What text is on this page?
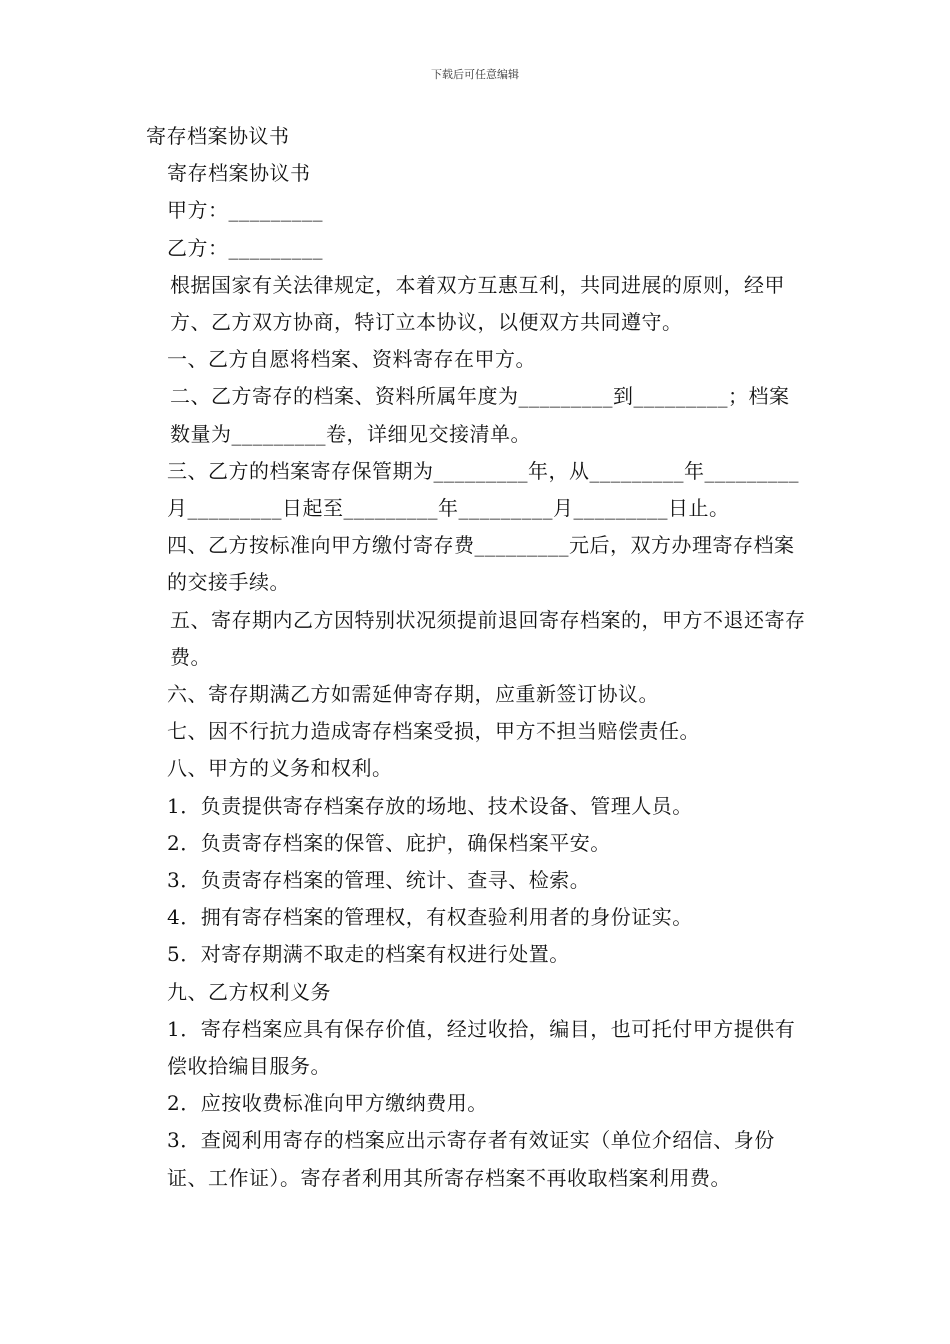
下载后可任意编辑

寄存档案协议书

寄存档案协议书

甲方：_________

乙方：_________

根据国家有关法律规定，本着双方互惠互利，共同进展的原则，经甲方、乙方双方协商，特订立本协议，以便双方共同遵守。

一、乙方自愿将档案、资料寄存在甲方。

二、乙方寄存的档案、资料所属年度为_________到_________；档案数量为_________卷，详细见交接清单。

三、乙方的档案寄存保管期为_________年，从_________年_________月_________日起至_________年_________月_________日止。

四、乙方按标准向甲方缴付寄存费_________元后，双方办理寄存档案的交接手续。

五、寄存期内乙方因特别状况须提前退回寄存档案的，甲方不退还寄存费。

六、寄存期满乙方如需延伸寄存期，应重新签订协议。

七、因不行抗力造成寄存档案受损，甲方不担当赔偿责任。

八、甲方的义务和权利。

1．负责提供寄存档案存放的场地、技术设备、管理人员。

2．负责寄存档案的保管、庇护，确保档案平安。

3．负责寄存档案的管理、统计、查寻、检索。

4．拥有寄存档案的管理权，有权查验利用者的身份证实。

5．对寄存期满不取走的档案有权进行处置。

九、乙方权利义务

1．寄存档案应具有保存价值，经过收拾，编目，也可托付甲方提供有偿收拾编目服务。

2．应按收费标准向甲方缴纳费用。

3．查阅利用寄存的档案应出示寄存者有效证实（单位介绍信、身份证、工作证）。寄存者利用其所寄存档案不再收取档案利用费。
